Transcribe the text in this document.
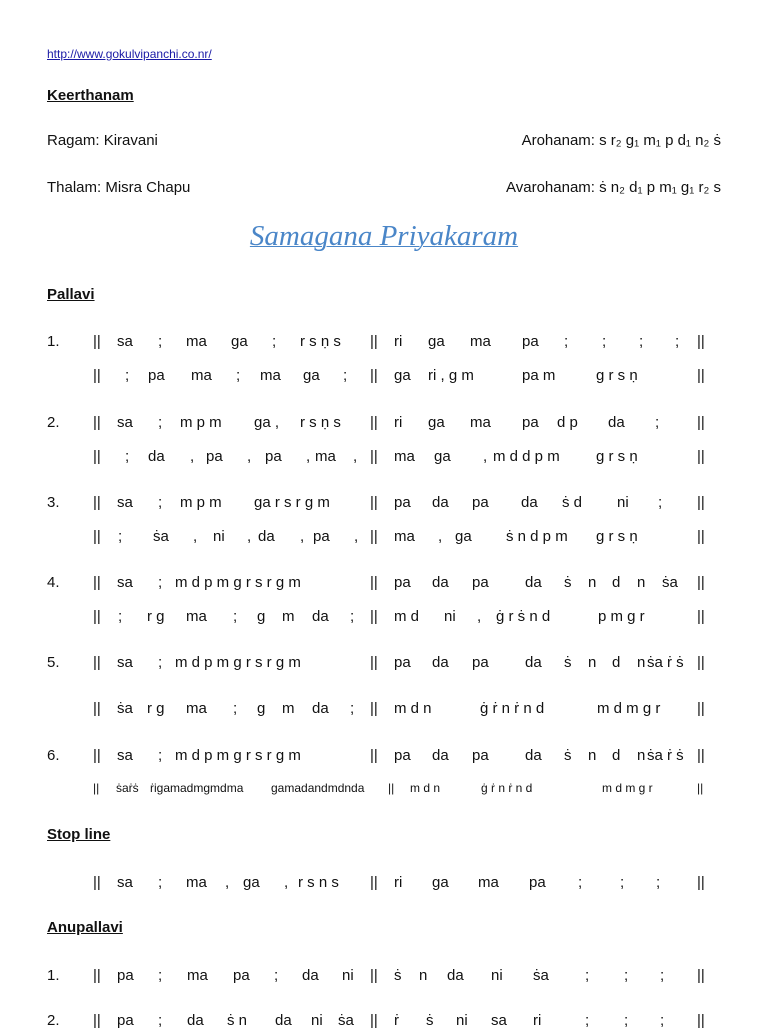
http://www.gokulvipanchi.co.nr/
Keerthanam
Ragam: Kiravani
Thalam: Misra Chapu
Arohanam: s r₂ g₁ m₁ p d₁ n₂ ṡ
Avarohanam: ṡ n₂ d₁ p m₁ g₁ r₂ s
Samagana Priyakaram
Pallavi
Stop line
Anupallavi
1. || sa ; ma ga ; r s ṇ s || ri ga ma pa ; ; ; ; ||
|| ; pa ma ; ma ga ; || ga ri , g m	pa m	g r s ṇ	||
2. || sa ; m p m ga , r s ṇ s || ri ga ma pa d p da ;	||
|| ; da , pa , pa , ma , || ma ga , m d d p m g r s ṇ	||
3. || sa ; m p m ga r s r g m	|| pa da pa da ṡ d ni ; ||
|| ; ṡa , ni , da , pa , || ma , ga ṡ n d p m g r s ṇ	||
4. || sa ; m d p m g r s r g m	|| pa da pa da ṡ n d n ṡa ||
|| ; r g ma ; g m da ; || m d ni , ġ r ṡ n d	p m g r	||
5. || sa ; m d p m g r s r g m	|| pa da pa da ṡ n d n ṡa ṙ ṡ ||
|| ṡa r g ma ; g m da ; || m d n	ġ ṙ n ṙ n d	m d m g r ||
6. || sa ; m d p m g r s r g m	|| pa da pa da ṡ n d n ṡa ṙ ṡ ||
|| ṡaṙṡ ṙigamadmgmdma gamadandmdnda || m d n	ġ ṙ n ṙ n d	m d m g r	||
|| sa ; ma , ga , r s n s || ri ga ma pa ;	; ; ||
1. || pa ; ma pa ; da ni || ṡ n da ni ṡa ; ; ; ||
2. || pa ; da ṡ n da ni ṡa || ṙ ṡ ni sa ri	; ; ; ||
